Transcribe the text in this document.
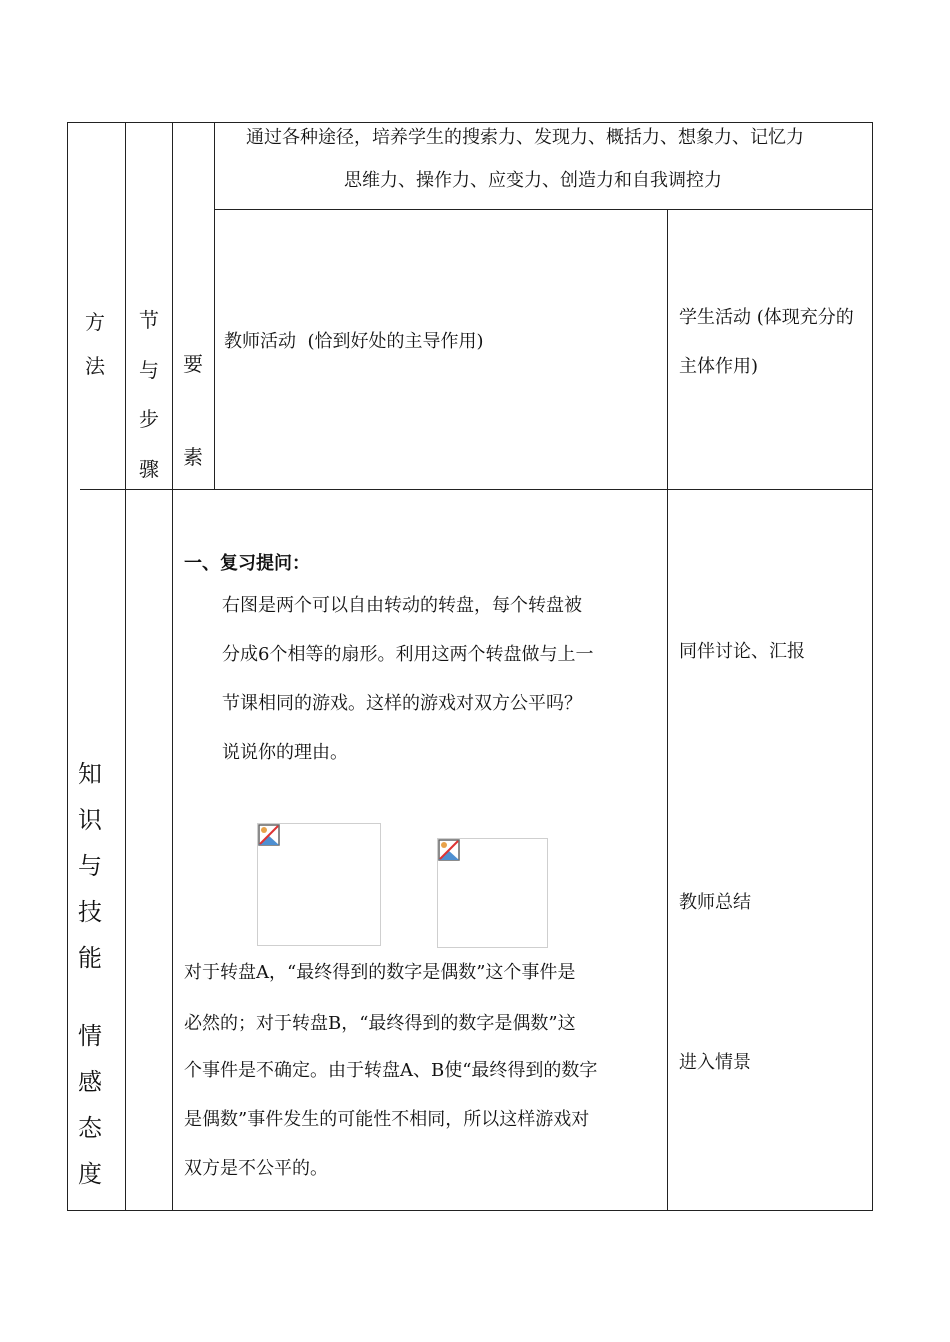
通过各种途径，培养学生的搜索力、发现力、概括力、想象力、记忆力
思维力、操作力、应变力、创造力和自我调控力
方
法
节
与
步
骤
要
素
教师活动  (恰到好处的主导作用)
学生活动 (体现充分的
主体作用)
知
识
与
技
能
情
感
态
度
一、复习提问：
右图是两个可以自由转动的转盘，每个转盘被
分成6个相等的扇形。利用这两个转盘做与上一
节课相同的游戏。这样的游戏对双方公平吗？
说说你的理由。
对于转盘A，“最终得到的数字是偶数”这个事件是
必然的；对于转盘B，“最终得到的数字是偶数”这
个事件是不确定。由于转盘A、B使“最终得到的数字
是偶数”事件发生的可能性不相同，所以这样游戏对
双方是不公平的。
同伴讨论、汇报
教师总结
进入情景
